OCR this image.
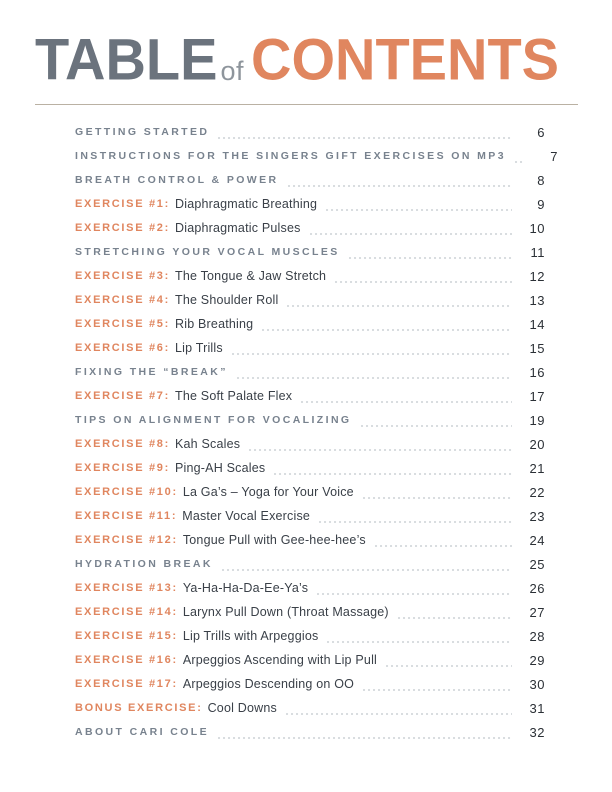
TABLE of CONTENTS
GETTING STARTED	6
INSTRUCTIONS FOR THE SINGERS GIFT EXERCISES ON MP3	7
BREATH CONTROL & POWER	8
EXERCISE #1: Diaphragmatic Breathing	9
EXERCISE #2: Diaphragmatic Pulses	10
STRETCHING YOUR VOCAL MUSCLES	11
EXERCISE #3: The Tongue & Jaw Stretch	12
EXERCISE #4: The Shoulder Roll	13
EXERCISE #5: Rib Breathing	14
EXERCISE #6: Lip Trills	15
FIXING THE “BREAK”	16
EXERCISE #7: The Soft Palate Flex	17
TIPS ON ALIGNMENT FOR VOCALIZING	19
EXERCISE #8: Kah Scales	20
EXERCISE #9: Ping-AH Scales	21
EXERCISE #10: La Ga’s – Yoga for Your Voice	22
EXERCISE #11: Master Vocal Exercise	23
EXERCISE #12: Tongue Pull with Gee-hee-hee’s	24
HYDRATION BREAK	25
EXERCISE #13: Ya-Ha-Ha-Da-Ee-Ya’s	26
EXERCISE #14: Larynx Pull Down (Throat Massage)	27
EXERCISE #15: Lip Trills with Arpeggios	28
EXERCISE #16: Arpeggios Ascending with Lip Pull	29
EXERCISE #17: Arpeggios Descending on OO	30
BONUS EXERCISE: Cool Downs	31
ABOUT CARI COLE	32
